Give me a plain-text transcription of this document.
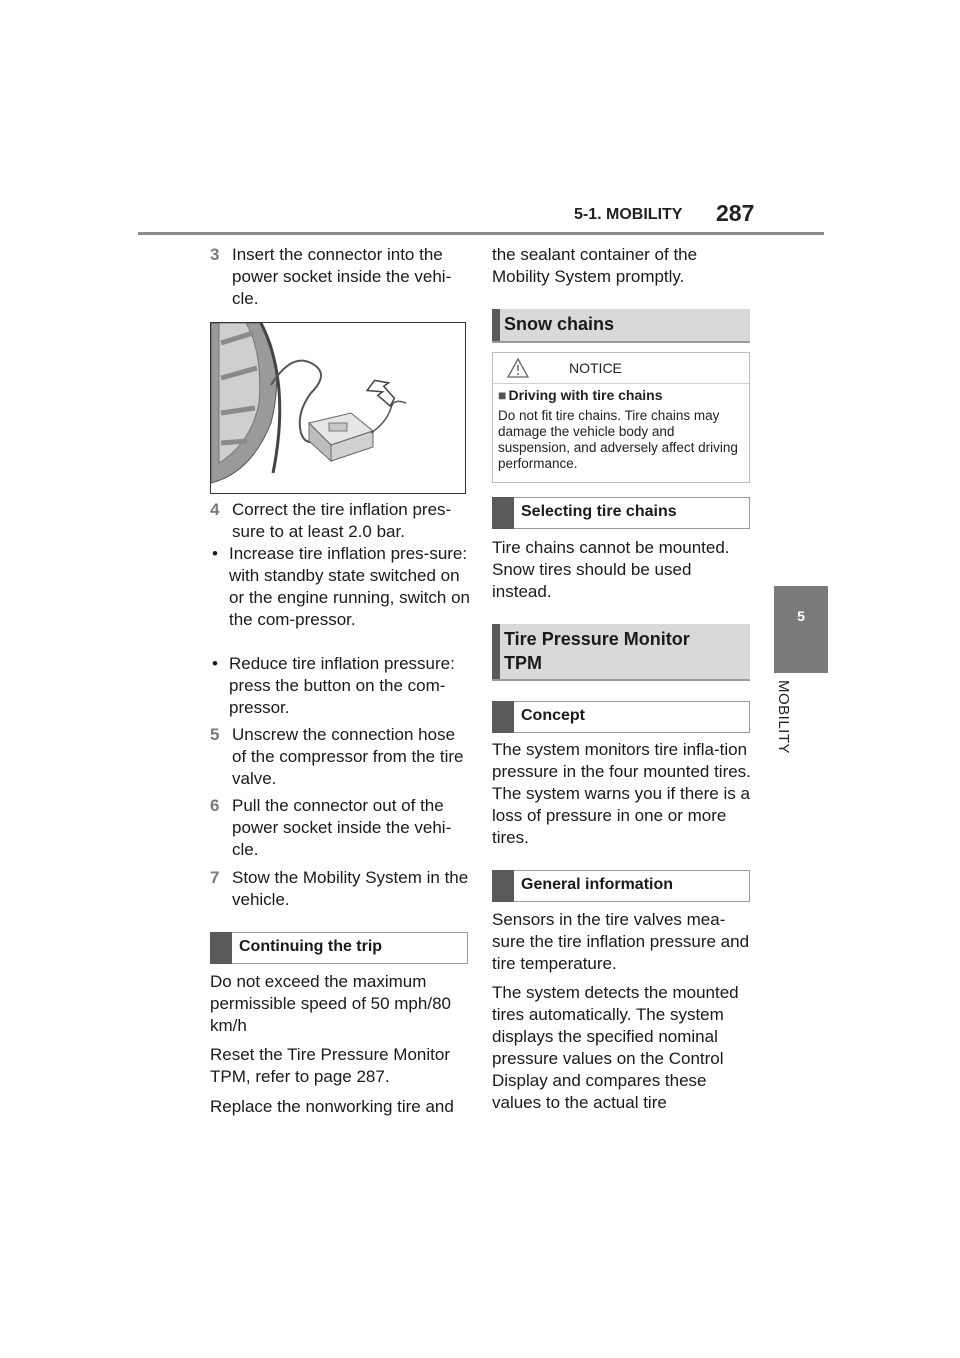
5-1. MOBILITY 287
5
MOBILITY
3 Insert the connector into the power socket inside the vehi-cle.
4 Correct the tire inflation pres-sure to at least 2.0 bar.
• Increase tire inflation pres-sure: with standby state switched on or the engine running, switch on the com-pressor.
• Reduce tire inflation pressure: press the button on the com-pressor.
5 Unscrew the connection hose of the compressor from the tire valve.
6 Pull the connector out of the power socket inside the vehi-cle.
7 Stow the Mobility System in the vehicle.
Continuing the trip
Do not exceed the maximum permissible speed of 50 mph/80 km/h
Reset the Tire Pressure Monitor TPM, refer to page 287.
Replace the nonworking tire and
the sealant container of the Mobility System promptly.
Snow chains
NOTICE
■ Driving with tire chains
Do not fit tire chains. Tire chains may damage the vehicle body and suspension, and adversely affect driving performance.
Selecting tire chains
Tire chains cannot be mounted. Snow tires should be used instead.
Tire Pressure Monitor
TPM
Concept
The system monitors tire infla-tion pressure in the four mounted tires. The system warns you if there is a loss of pressure in one or more tires.
General information
Sensors in the tire valves mea-sure the tire inflation pressure and tire temperature.
The system detects the mounted tires automatically. The system displays the specified nominal pressure values on the Control Display and compares these values to the actual tire
